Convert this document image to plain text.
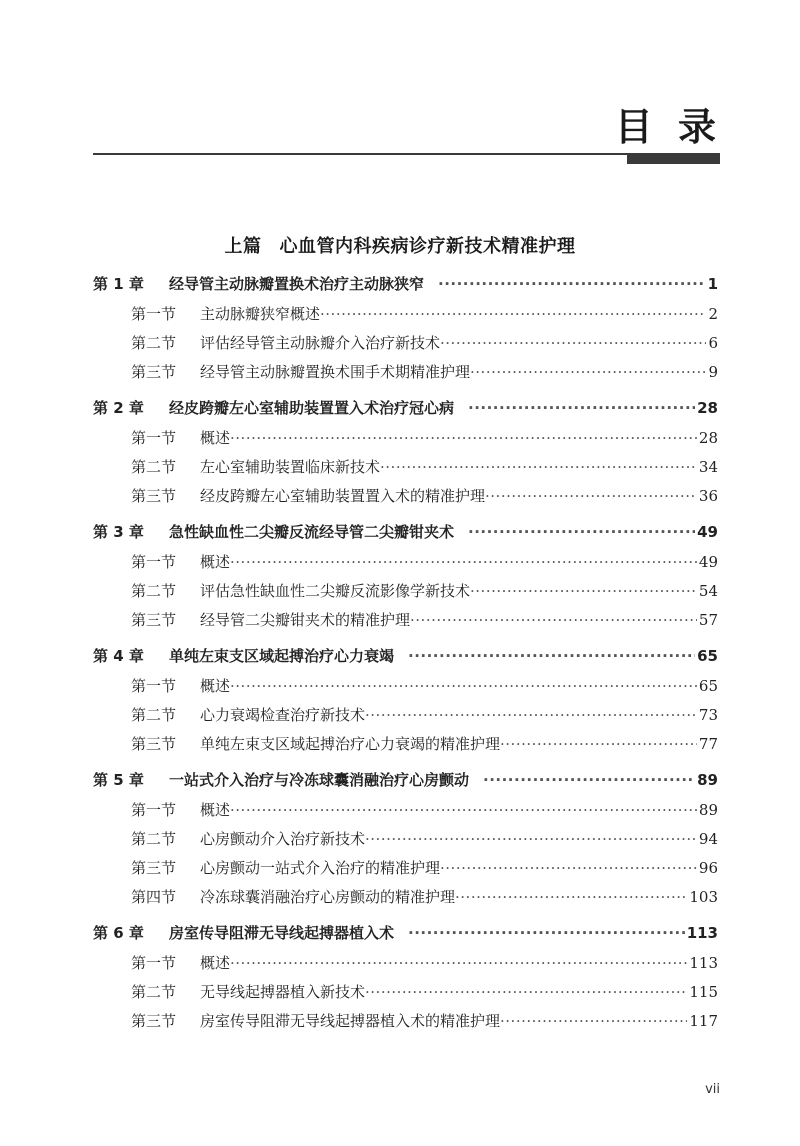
目 录
上篇 心血管内科疾病诊疗新技术精准护理
第 1 章	经导管主动脉瓣置换术治疗主动脉狭窄 ·····	1
第一节	主动脉瓣狭窄概述 ·····	2
第二节	评估经导管主动脉瓣介入治疗新技术 ·····	6
第三节	经导管主动脉瓣置换术围手术期精准护理 ·····	9
第 2 章	经皮跨瓣左心室辅助装置置入术治疗冠心病 ·····	28
第一节	概述 ·····	28
第二节	左心室辅助装置临床新技术 ·····	34
第三节	经皮跨瓣左心室辅助装置置入术的精准护理 ·····	36
第 3 章	急性缺血性二尖瓣反流经导管二尖瓣钳夹术 ·····	49
第一节	概述 ·····	49
第二节	评估急性缺血性二尖瓣反流影像学新技术 ·····	54
第三节	经导管二尖瓣钳夹术的精准护理 ·····	57
第 4 章	单纯左束支区域起搏治疗心力衰竭 ·····	65
第一节	概述 ·····	65
第二节	心力衰竭检查治疗新技术 ·····	73
第三节	单纯左束支区域起搏治疗心力衰竭的精准护理 ·····	77
第 5 章	一站式介入治疗与冷冻球囊消融治疗心房颤动 ·····	89
第一节	概述 ·····	89
第二节	心房颤动介入治疗新技术 ·····	94
第三节	心房颤动一站式介入治疗的精准护理 ·····	96
第四节	冷冻球囊消融治疗心房颤动的精准护理 ·····	103
第 6 章	房室传导阻滞无导线起搏器植入术 ·····	113
第一节	概述 ·····	113
第二节	无导线起搏器植入新技术 ·····	115
第三节	房室传导阻滞无导线起搏器植入术的精准护理 ·····	117
vii
